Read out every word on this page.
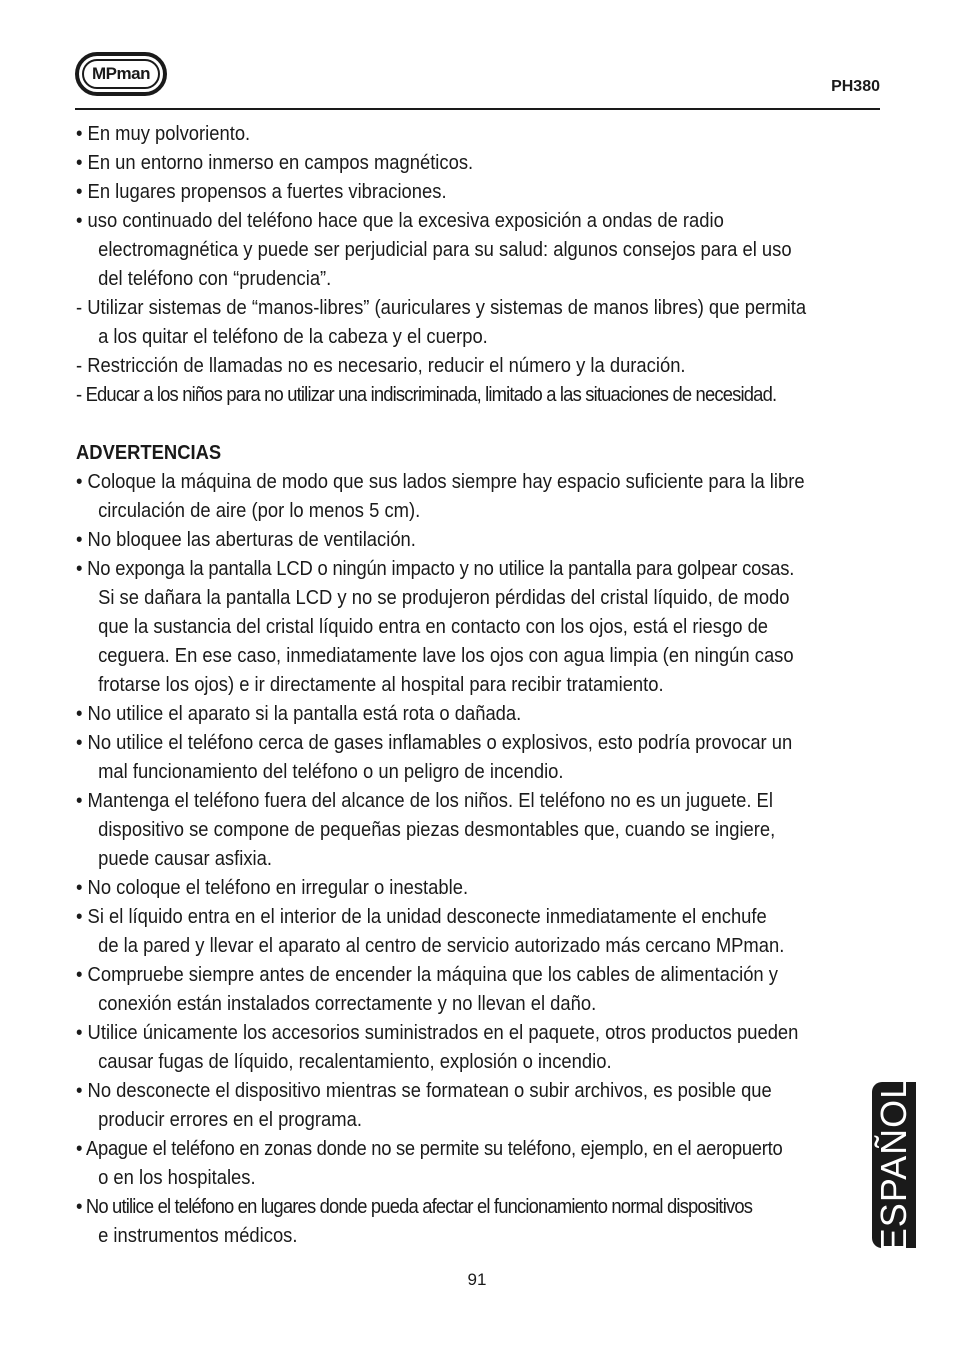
MPman
PH380
• En muy polvoriento.
• En un entorno inmerso en campos magnéticos.
• En lugares propensos a fuertes vibraciones.
• uso continuado del teléfono hace que la excesiva exposición a ondas de radio
electromagnética y puede ser perjudicial para su salud: algunos consejos para el uso
del teléfono con “prudencia”.
- Utilizar sistemas de “manos-libres” (auriculares y sistemas de manos libres) que permita
a los quitar el teléfono de la cabeza y el cuerpo.
- Restricción de llamadas no es necesario, reducir el número y la duración.
- Educar a los niños para no utilizar una indiscriminada, limitado a las situaciones de necesidad.
ADVERTENCIAS
• Coloque la máquina de modo que sus lados siempre hay espacio suficiente para la libre
circulación de aire (por lo menos 5 cm).
• No bloquee las aberturas de ventilación.
• No exponga la pantalla LCD o ningún impacto y no utilice la pantalla para golpear cosas.
Si se dañara la pantalla LCD y no se produjeron pérdidas del cristal líquido, de modo
que la sustancia del cristal líquido entra en contacto con los ojos, está el riesgo de
ceguera. En ese caso, inmediatamente lave los ojos con agua limpia (en ningún caso
frotarse los ojos) e ir directamente al hospital para recibir tratamiento.
• No utilice el aparato si la pantalla está rota o dañada.
• No utilice el teléfono cerca de gases inflamables o explosivos, esto podría provocar un
mal funcionamiento del teléfono o un peligro de incendio.
• Mantenga el teléfono fuera del alcance de los niños. El teléfono no es un juguete. El
dispositivo se compone de pequeñas piezas desmontables que, cuando se ingiere,
puede causar asfixia.
• No coloque el teléfono en irregular o inestable.
• Si el líquido entra en el interior de la unidad desconecte inmediatamente el enchufe
de la pared y llevar el aparato al centro de servicio autorizado más cercano MPman.
• Compruebe siempre antes de encender la máquina que los cables de alimentación y
conexión están instalados correctamente y no llevan el daño.
• Utilice únicamente los accesorios suministrados en el paquete, otros productos pueden
causar fugas de líquido, recalentamiento, explosión o incendio.
• No desconecte el dispositivo mientras se formatean o subir archivos, es posible que
producir errores en el programa.
• Apague el teléfono en zonas donde no se permite su teléfono, ejemplo, en el aeropuerto
o en los hospitales.
• No utilice el teléfono en lugares donde pueda afectar el funcionamiento normal dispositivos
e instrumentos médicos.	ESPAÑOL
91
